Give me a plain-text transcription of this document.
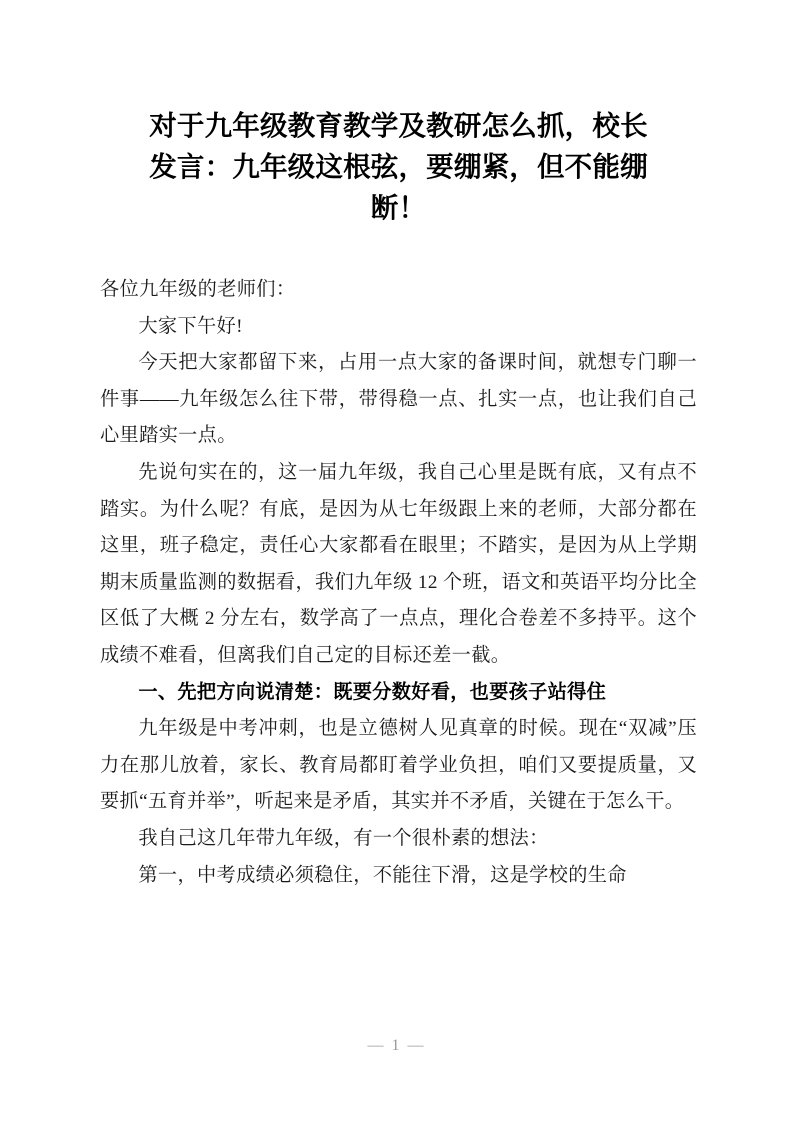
对于九年级教育教学及教研怎么抓，校长
发言：九年级这根弦，要绷紧，但不能绷
断！

各位九年级的老师们：

大家下午好!

今天把大家都留下来，占用一点大家的备课时间，就想专门聊一件事——九年级怎么往下带，带得稳一点、扎实一点，也让我们自己心里踏实一点。

先说句实在的，这一届九年级，我自己心里是既有底，又有点不踏实。为什么呢？有底，是因为从七年级跟上来的老师，大部分都在这里，班子稳定，责任心大家都看在眼里；不踏实，是因为从上学期期末质量监测的数据看，我们九年级 12 个班，语文和英语平均分比全区低了大概 2 分左右，数学高了一点点，理化合卷差不多持平。这个成绩不难看，但离我们自己定的目标还差一截。

一、先把方向说清楚：既要分数好看，也要孩子站得住

九年级是中考冲刺，也是立德树人见真章的时候。现在“双减”压力在那儿放着，家长、教育局都盯着学业负担，咱们又要提质量，又要抓“五育并举”，听起来是矛盾，其实并不矛盾，关键在于怎么干。

我自己这几年带九年级，有一个很朴素的想法：

第一，中考成绩必须稳住，不能往下滑，这是学校的生命

— 1 —
